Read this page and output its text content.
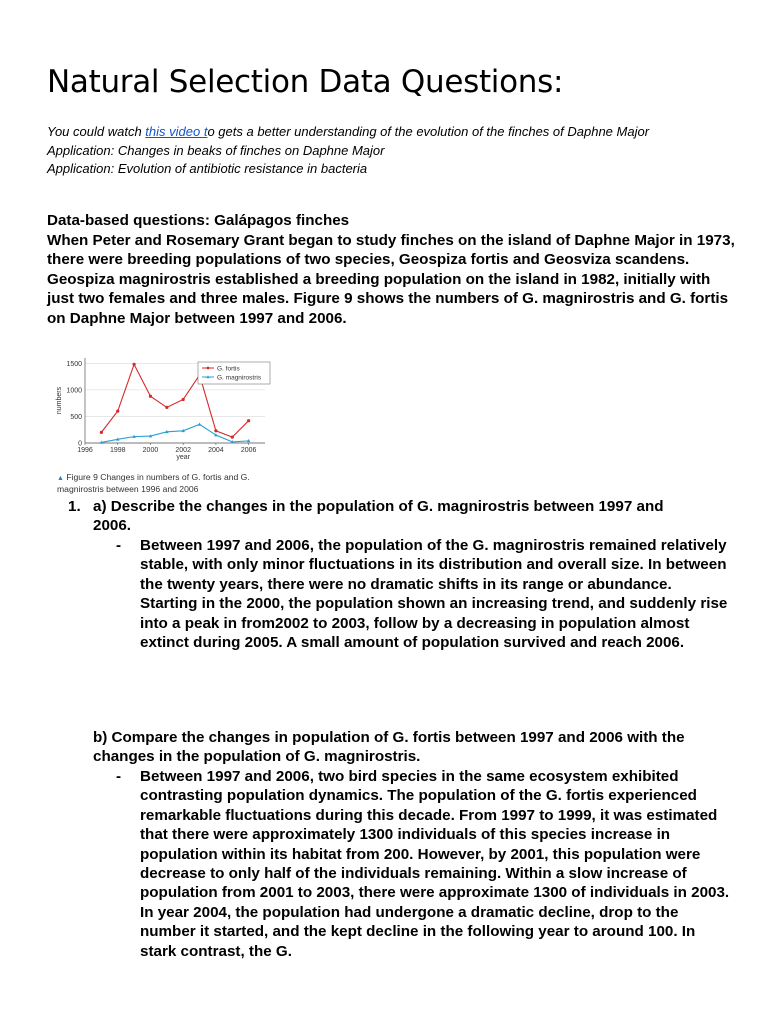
Natural Selection Data Questions:
You could watch this video to gets a better understanding of the evolution of the finches of Daphne Major
Application: Changes in beaks of finches on Daphne Major
Application: Evolution of antibiotic resistance in bacteria

Data-based questions: Galápagos finches

When Peter and Rosemary Grant began to study finches on the island of Daphne Major in 1973, there were breeding populations of two species, Geospiza fortis and Geosviza scandens. Geospiza magnirostris established a breeding population on the island in 1982, initially with just two females and three males. Figure 9 shows the numbers of G. magnirostris and G. fortis on Daphne Major between 1997 and 2006.

0
500
1000
1500
1996 1998 2000 2002 2004 2006
year
numbers
G. fortis
G. magnirostris
▲ Figure 9 Changes in numbers of G. fortis and G. magnirostris between 1996 and 2006
1. a) Describe the changes in the population of G. magnirostris between 1997 and 2006.

- Between 1997 and 2006, the population of the G. magnirostris remained relatively stable, with only minor fluctuations in its distribution and overall size. In between the twenty years, there were no dramatic shifts in its range or abundance. Starting in the 2000, the population shown an increasing trend, and suddenly rise into a peak in from2002 to 2003, follow by a decreasing in population almost extinct during 2005. A small amount of population survived and reach 2006.

b) Compare the changes in population of G. fortis between 1997 and 2006 with the changes in the population of G. magnirostris.

- Between 1997 and 2006, two bird species in the same ecosystem exhibited contrasting population dynamics. The population of the G. fortis experienced remarkable fluctuations during this decade. From 1997 to 1999, it was estimated that there were approximately 1300 individuals of this species increase in population within its habitat from 200. However, by 2001, this population were decrease to only half of the individuals remaining. Within a slow increase of population from 2001 to 2003, there were approximate 1300 of individuals in 2003. In year 2004, the population had undergone a dramatic decline, drop to the number it started, and the kept decline in the following year to around 100. In stark contrast, the G.
